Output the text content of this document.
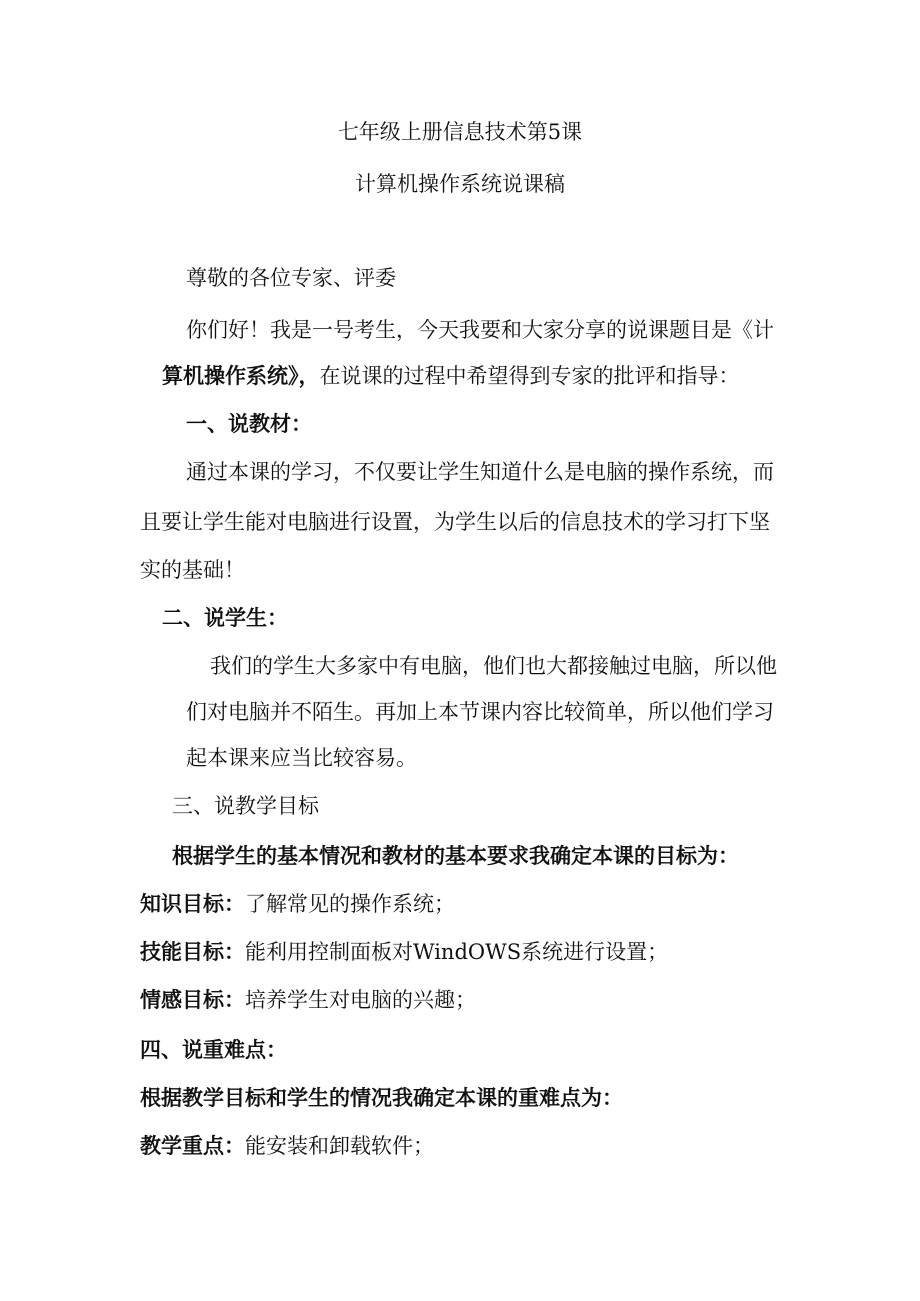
七年级上册信息技术第5课

计算机操作系统说课稿

尊敬的各位专家、评委

你们好！我是一号考生，今天我要和大家分享的说课题目是《计

算机操作系统》，在说课的过程中希望得到专家的批评和指导：

一、说教材：

通过本课的学习，不仅要让学生知道什么是电脑的操作系统，而

且要让学生能对电脑进行设置，为学生以后的信息技术的学习打下坚

实的基础！

二、说学生：

我们的学生大多家中有电脑，他们也大都接触过电脑，所以他

们对电脑并不陌生。再加上本节课内容比较简单，所以他们学习

起本课来应当比较容易。

三、说教学目标

根据学生的基本情况和教材的基本要求我确定本课的目标为：

知识目标：了解常见的操作系统；

技能目标：能利用控制面板对WindOWS系统进行设置；

情感目标：培养学生对电脑的兴趣；

四、说重难点：

根据教学目标和学生的情况我确定本课的重难点为：

教学重点：能安装和卸载软件；
